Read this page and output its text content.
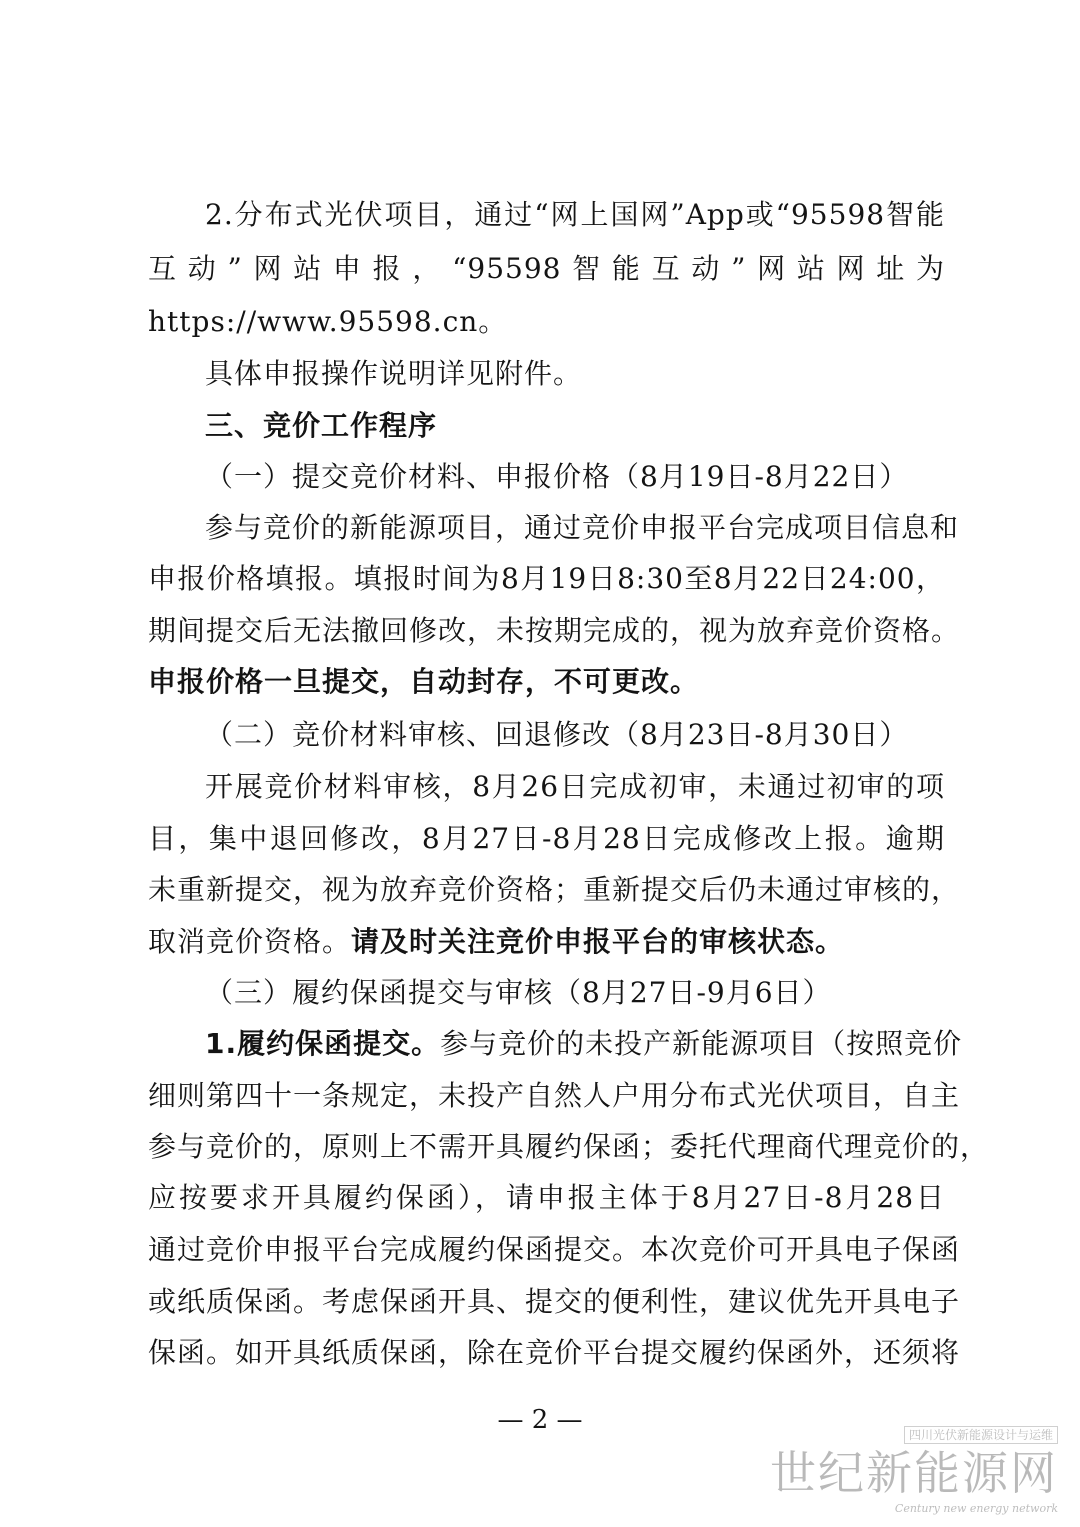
2.分布式光伏项目，通过“网上国网”App或“95598智能
互动”网站申报，“95598智能互动”网站网址为
https://www.95598.cn。
具体申报操作说明详见附件。
三、竞价工作程序
（一）提交竞价材料、申报价格（8月19日-8月22日）
参与竞价的新能源项目，通过竞价申报平台完成项目信息和
申报价格填报。填报时间为8月19日8:30至8月22日24:00，
期间提交后无法撤回修改，未按期完成的，视为放弃竞价资格。
申报价格一旦提交，自动封存，不可更改。
（二）竞价材料审核、回退修改（8月23日-8月30日）
开展竞价材料审核，8月26日完成初审，未通过初审的项
目，集中退回修改，8月27日-8月28日完成修改上报。逾期
未重新提交，视为放弃竞价资格；重新提交后仍未通过审核的，
取消竞价资格。请及时关注竞价申报平台的审核状态。
（三）履约保函提交与审核（8月27日-9月6日）
1.履约保函提交。参与竞价的未投产新能源项目（按照竞价
细则第四十一条规定，未投产自然人户用分布式光伏项目，自主
参与竞价的，原则上不需开具履约保函；委托代理商代理竞价的，
应按要求开具履约保函），请申报主体于8月27日-8月28日
通过竞价申报平台完成履约保函提交。本次竞价可开具电子保函
或纸质保函。考虑保函开具、提交的便利性，建议优先开具电子
保函。如开具纸质保函，除在竞价平台提交履约保函外，还须将
— 2 —	四川光伏新能源设计与运维
世纪新能源网
Century new energy network
